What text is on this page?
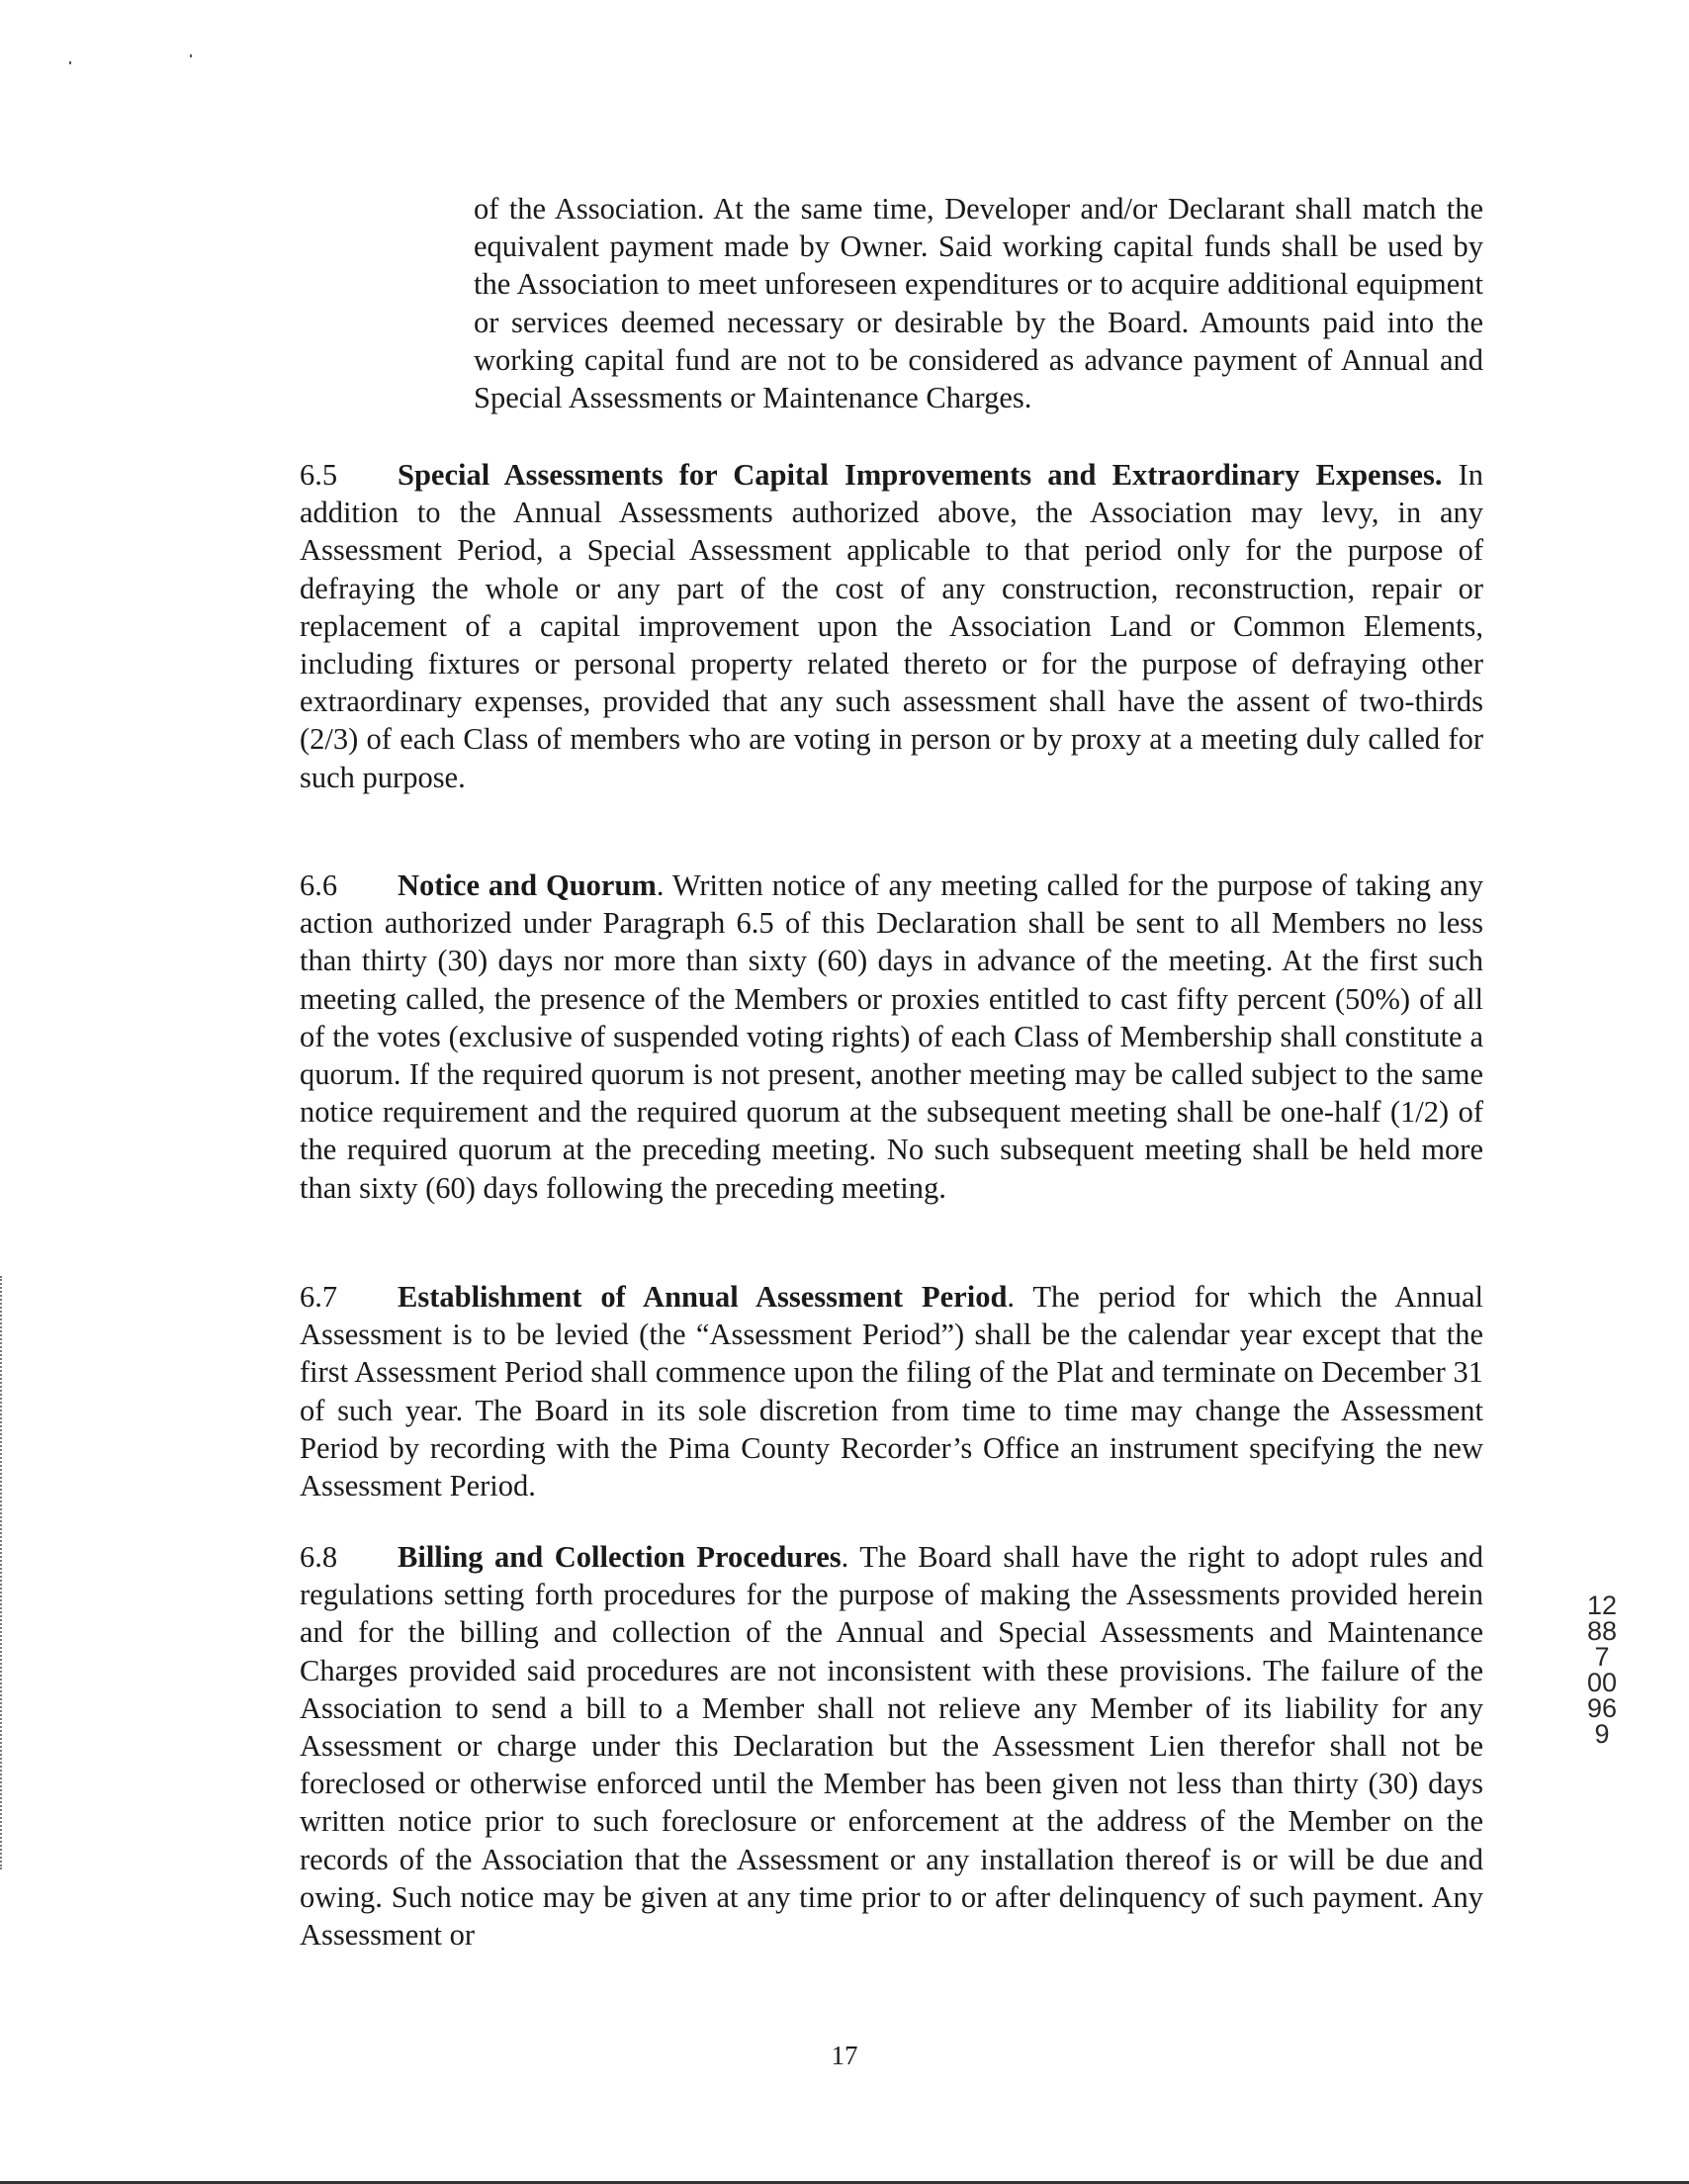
of the Association. At the same time, Developer and/or Declarant shall match the equivalent payment made by Owner. Said working capital funds shall be used by the Association to meet unforeseen expenditures or to acquire additional equipment or services deemed necessary or desirable by the Board. Amounts paid into the working capital fund are not to be considered as advance payment of Annual and Special Assessments or Maintenance Charges.

6.5 Special Assessments for Capital Improvements and Extraordinary Expenses. In addition to the Annual Assessments authorized above, the Association may levy, in any Assessment Period, a Special Assessment applicable to that period only for the purpose of defraying the whole or any part of the cost of any construction, reconstruction, repair or replacement of a capital improvement upon the Association Land or Common Elements, including fixtures or personal property related thereto or for the purpose of defraying other extraordinary expenses, provided that any such assessment shall have the assent of two-thirds (2/3) of each Class of members who are voting in person or by proxy at a meeting duly called for such purpose.

6.6 Notice and Quorum. Written notice of any meeting called for the purpose of taking any action authorized under Paragraph 6.5 of this Declaration shall be sent to all Members no less than thirty (30) days nor more than sixty (60) days in advance of the meeting. At the first such meeting called, the presence of the Members or proxies entitled to cast fifty percent (50%) of all of the votes (exclusive of suspended voting rights) of each Class of Membership shall constitute a quorum. If the required quorum is not present, another meeting may be called subject to the same notice requirement and the required quorum at the subsequent meeting shall be one-half (1/2) of the required quorum at the preceding meeting. No such subsequent meeting shall be held more than sixty (60) days following the preceding meeting.

6.7 Establishment of Annual Assessment Period. The period for which the Annual Assessment is to be levied (the “Assessment Period”) shall be the calendar year except that the first Assessment Period shall commence upon the filing of the Plat and terminate on December 31 of such year. The Board in its sole discretion from time to time may change the Assessment Period by recording with the Pima County Recorder’s Office an instrument specifying the new Assessment Period.

6.8 Billing and Collection Procedures. The Board shall have the right to adopt rules and regulations setting forth procedures for the purpose of making the Assessments provided herein and for the billing and collection of the Annual and Special Assessments and Maintenance Charges provided said procedures are not inconsistent with these provisions. The failure of the Association to send a bill to a Member shall not relieve any Member of its liability for any Assessment or charge under this Declaration but the Assessment Lien therefor shall not be foreclosed or otherwise enforced until the Member has been given not less than thirty (30) days written notice prior to such foreclosure or enforcement at the address of the Member on the records of the Association that the Assessment or any installation thereof is or will be due and owing. Such notice may be given at any time prior to or after delinquency of such payment. Any Assessment or

12887 00969
17
